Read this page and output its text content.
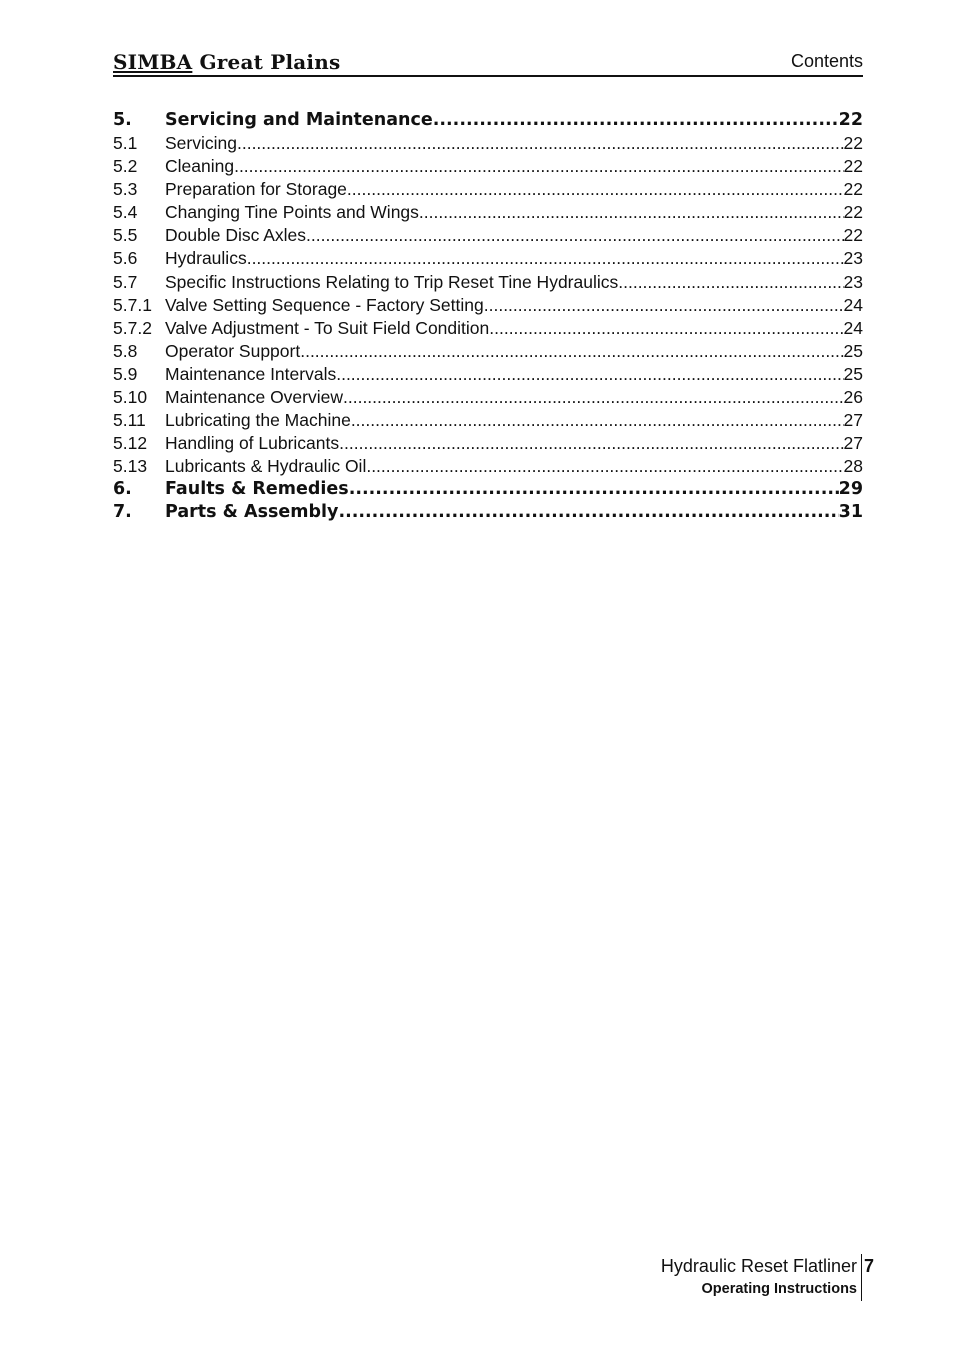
SIMBA Great Plains	Contents
5.	Servicing and Maintenance .....	22
5.1	Servicing .....	22
5.2	Cleaning .....	22
5.3	Preparation for Storage .....	22
5.4	Changing Tine Points and Wings .....	22
5.5	Double Disc Axles .....	22
5.6	Hydraulics .....	23
5.7	Specific Instructions Relating to Trip Reset Tine Hydraulics .....	23
5.7.1 Valve Setting Sequence - Factory Setting .....	24
5.7.2 Valve Adjustment - To Suit Field Condition .....	24
5.8	Operator Support .....	25
5.9	Maintenance Intervals .....	25
5.10	Maintenance Overview .....	26
5.11	Lubricating the Machine .....	27
5.12	Handling of Lubricants .....	27
5.13	Lubricants & Hydraulic Oil .....	28
6.	Faults & Remedies .....	29
7.	Parts & Assembly .....	31
Hydraulic Reset Flatliner
Operating Instructions
7
